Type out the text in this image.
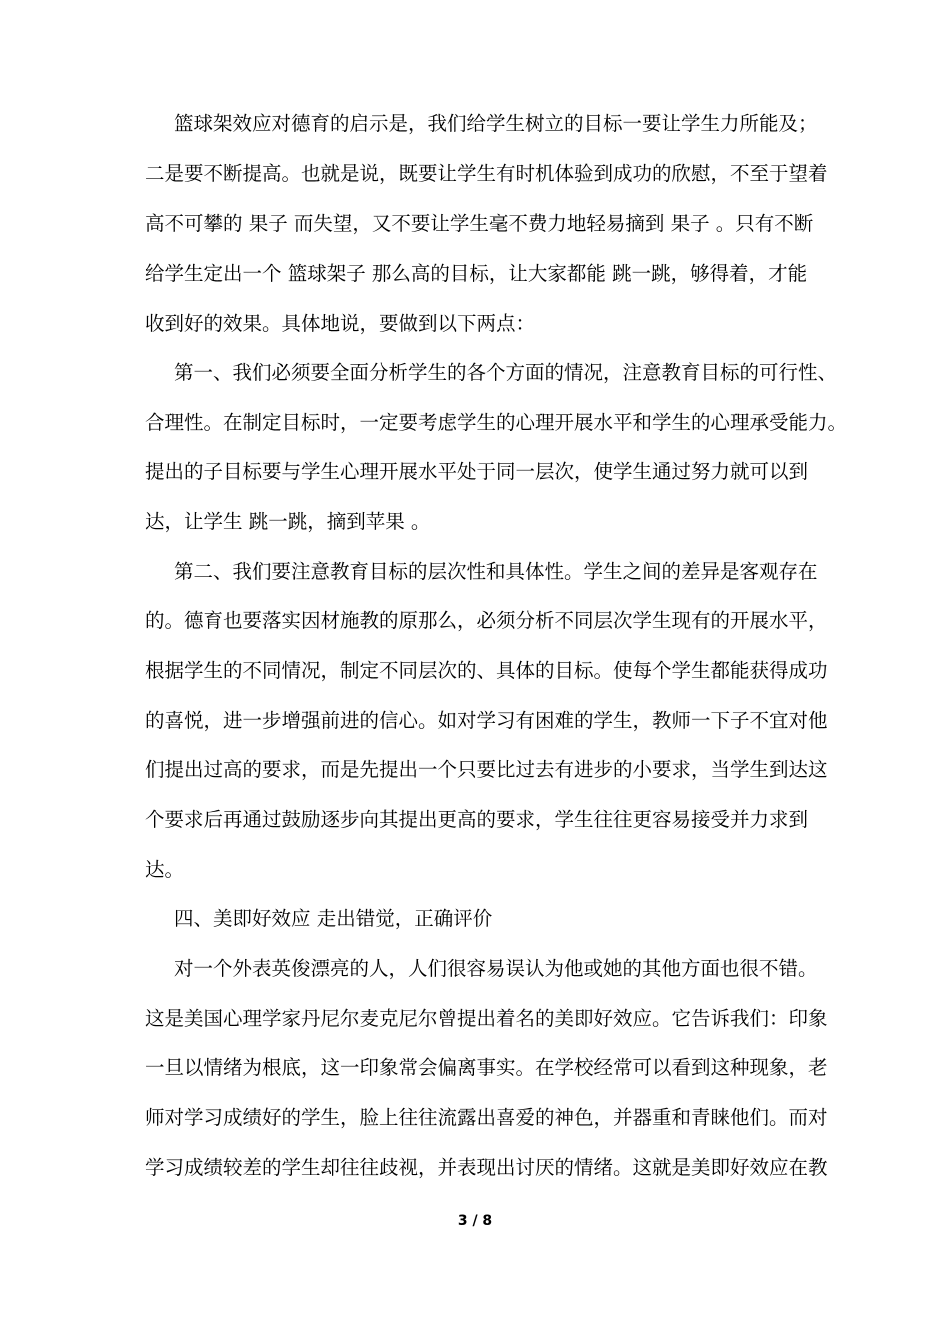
篮球架效应对德育的启示是，我们给学生树立的目标一要让学生力所能及；
二是要不断提高。也就是说，既要让学生有时机体验到成功的欣慰，不至于望着
高不可攀的 果子 而失望，又不要让学生毫不费力地轻易摘到 果子 。只有不断
给学生定出一个 篮球架子 那么高的目标，让大家都能 跳一跳，够得着，才能
收到好的效果。具体地说，要做到以下两点：
第一、我们必须要全面分析学生的各个方面的情况，注意教育目标的可行性、
合理性。在制定目标时，一定要考虑学生的心理开展水平和学生的心理承受能力。
提出的子目标要与学生心理开展水平处于同一层次，使学生通过努力就可以到
达，让学生 跳一跳，摘到苹果 。
第二、我们要注意教育目标的层次性和具体性。学生之间的差异是客观存在
的。德育也要落实因材施教的原那么，必须分析不同层次学生现有的开展水平，
根据学生的不同情况，制定不同层次的、具体的目标。使每个学生都能获得成功
的喜悦，进一步增强前进的信心。如对学习有困难的学生，教师一下子不宜对他
们提出过高的要求，而是先提出一个只要比过去有进步的小要求，当学生到达这
个要求后再通过鼓励逐步向其提出更高的要求，学生往往更容易接受并力求到
达。
四、美即好效应 走出错觉，正确评价
对一个外表英俊漂亮的人，人们很容易误认为他或她的其他方面也很不错。
这是美国心理学家丹尼尔麦克尼尔曾提出着名的美即好效应。它告诉我们：印象
一旦以情绪为根底，这一印象常会偏离事实。在学校经常可以看到这种现象，老
师对学习成绩好的学生，脸上往往流露出喜爱的神色，并器重和青睐他们。而对
学习成绩较差的学生却往往歧视，并表现出讨厌的情绪。这就是美即好效应在教
3 / 8
